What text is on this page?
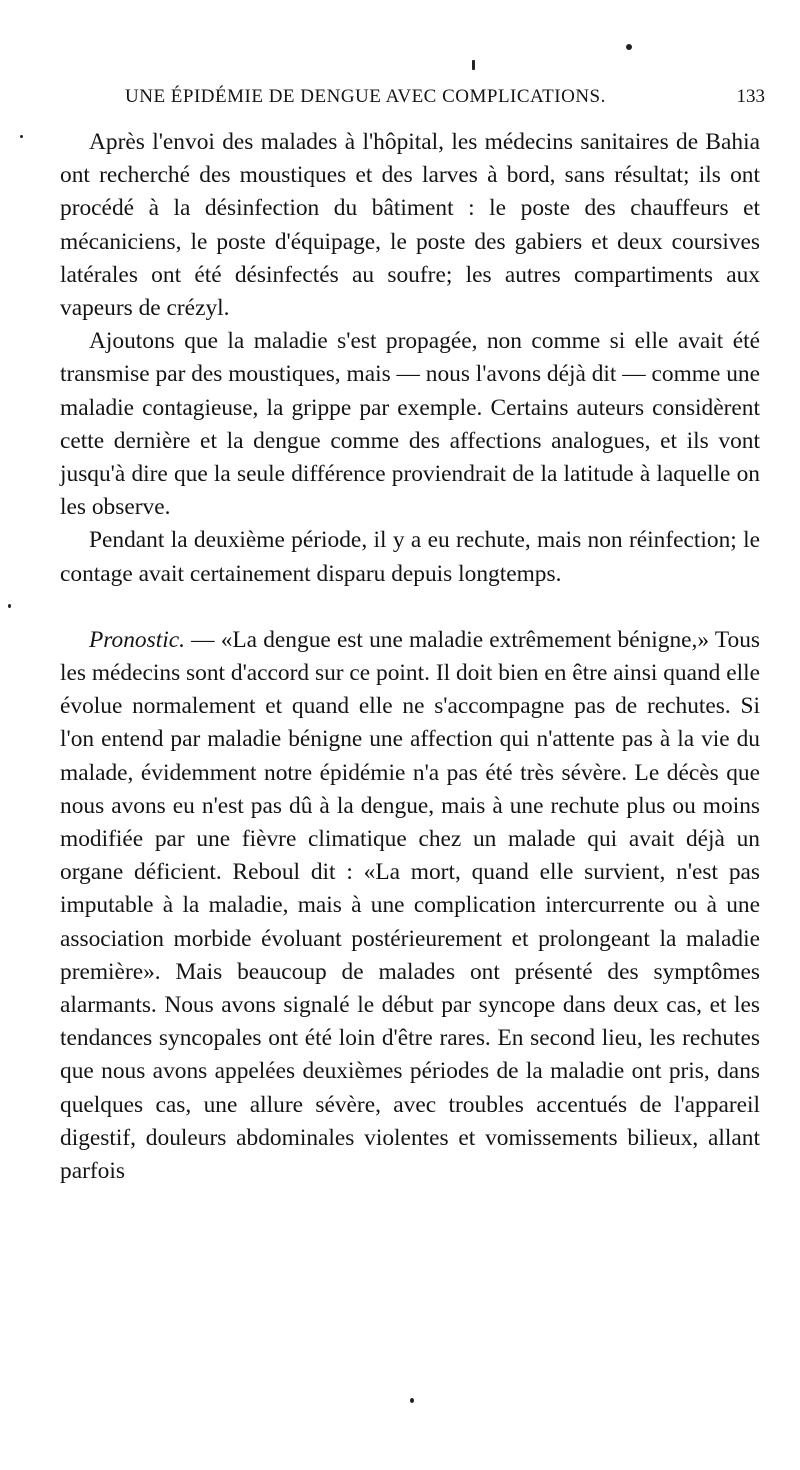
UNE ÉPIDÉMIE DE DENGUE AVEC COMPLICATIONS.	133

Après l'envoi des malades à l'hôpital, les médecins sanitaires de Bahia ont recherché des moustiques et des larves à bord, sans résultat; ils ont procédé à la désinfection du bâtiment : le poste des chauffeurs et mécaniciens, le poste d'équipage, le poste des gabiers et deux coursives latérales ont été désinfectés au soufre; les autres compartiments aux vapeurs de crézyl.

Ajoutons que la maladie s'est propagée, non comme si elle avait été transmise par des moustiques, mais — nous l'avons déjà dit — comme une maladie contagieuse, la grippe par exemple. Certains auteurs considèrent cette dernière et la dengue comme des affections analogues, et ils vont jusqu'à dire que la seule différence proviendrait de la latitude à laquelle on les observe.

Pendant la deuxième période, il y a eu rechute, mais non réinfection; le contage avait certainement disparu depuis longtemps.

Pronostic. — «La dengue est une maladie extrêmement bénigne,» Tous les médecins sont d'accord sur ce point. Il doit bien en être ainsi quand elle évolue normalement et quand elle ne s'accompagne pas de rechutes. Si l'on entend par maladie bénigne une affection qui n'attente pas à la vie du malade, évidemment notre épidémie n'a pas été très sévère. Le décès que nous avons eu n'est pas dû à la dengue, mais à une rechute plus ou moins modifiée par une fièvre climatique chez un malade qui avait déjà un organe déficient. Reboul dit : «La mort, quand elle survient, n'est pas imputable à la maladie, mais à une complication intercurrente ou à une association morbide évoluant postérieurement et prolongeant la maladie première». Mais beaucoup de malades ont présenté des symptômes alarmants. Nous avons signalé le début par syncope dans deux cas, et les tendances syncopales ont été loin d'être rares. En second lieu, les rechutes que nous avons appelées deuxièmes périodes de la maladie ont pris, dans quelques cas, une allure sévère, avec troubles accentués de l'appareil digestif, douleurs abdominales violentes et vomissements bilieux, allant parfois
